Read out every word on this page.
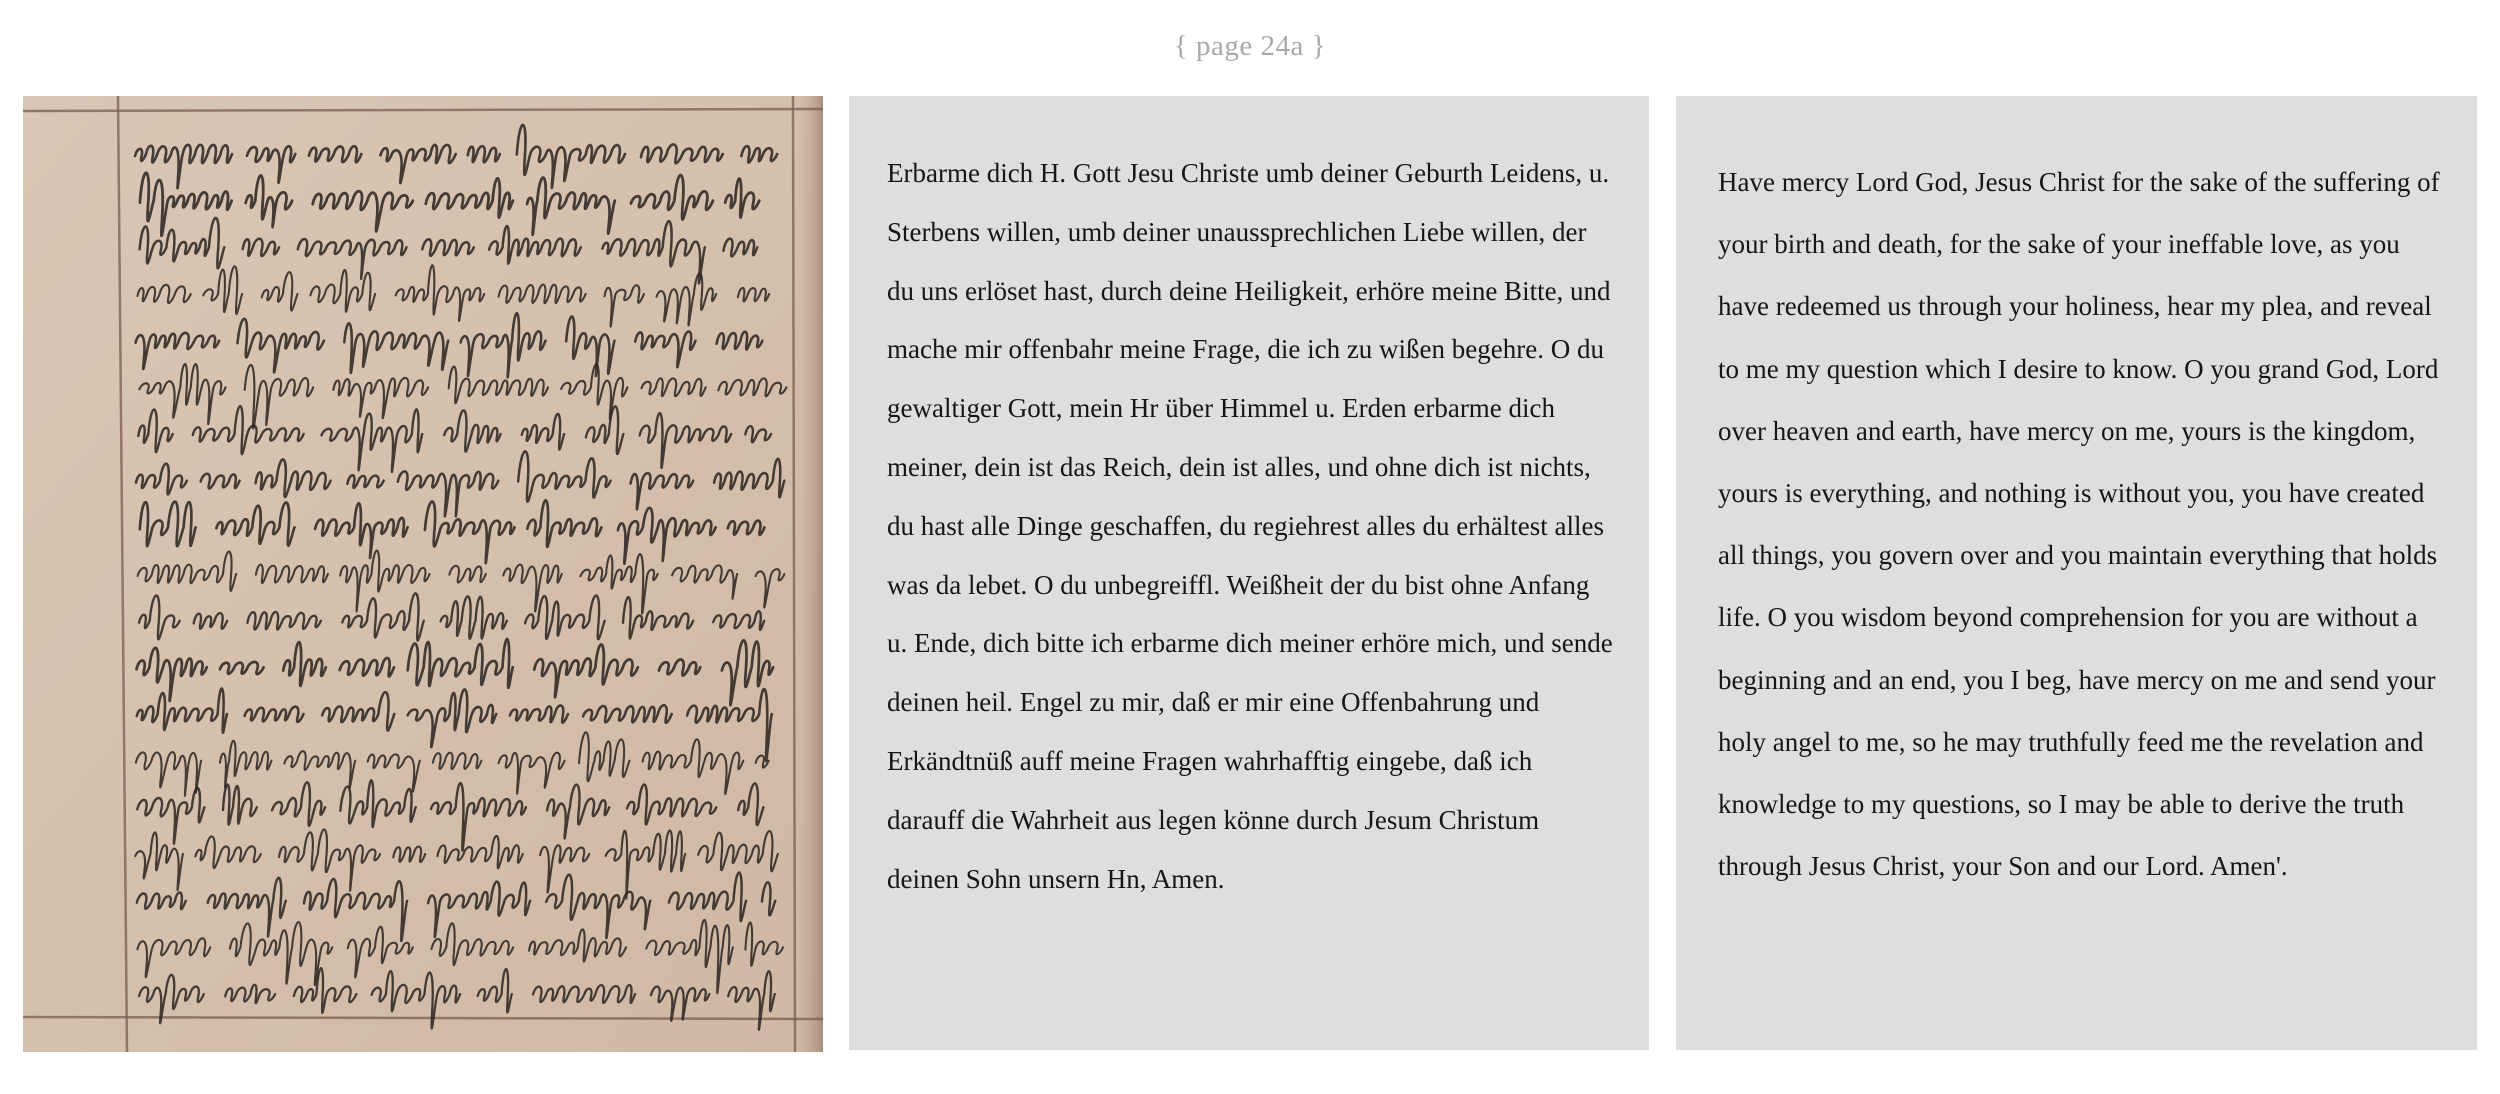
{ page 24a }

Erbarme dich H. Gott Jesu Christe umb deiner Geburth Leidens, u. Sterbens willen, umb deiner unaussprechlichen Liebe willen, der du uns erlöset hast, durch deine Heiligkeit, erhöre meine Bitte, und mache mir offenbahr meine Frage, die ich zu wißen begehre. O du gewaltiger Gott, mein Hr über Himmel u. Erden erbarme dich meiner, dein ist das Reich, dein ist alles, und ohne dich ist nichts, du hast alle Dinge geschaffen, du regiehrest alles du erhältest alles was da lebet. O du unbegreiffl. Weißheit der du bist ohne Anfang u. Ende, dich bitte ich erbarme dich meiner erhöre mich, und sende deinen heil. Engel zu mir, daß er mir eine Offenbahrung und Erkändtnüß auff meine Fragen wahrhafftig eingebe, daß ich darauff die Wahrheit aus legen könne durch Jesum Christum deinen Sohn unsern Hn, Amen.

Have mercy Lord God, Jesus Christ for the sake of the suffering of your birth and death, for the sake of your ineffable love, as you have redeemed us through your holiness, hear my plea, and reveal to me my question which I desire to know. O you grand God, Lord over heaven and earth, have mercy on me, yours is the kingdom, yours is everything, and nothing is without you, you have created all things, you govern over and you maintain everything that holds life. O you wisdom beyond comprehension for you are without a beginning and an end, you I beg, have mercy on me and send your holy angel to me, so he may truthfully feed me the revelation and knowledge to my questions, so I may be able to derive the truth through Jesus Christ, your Son and our Lord. Amen'.
